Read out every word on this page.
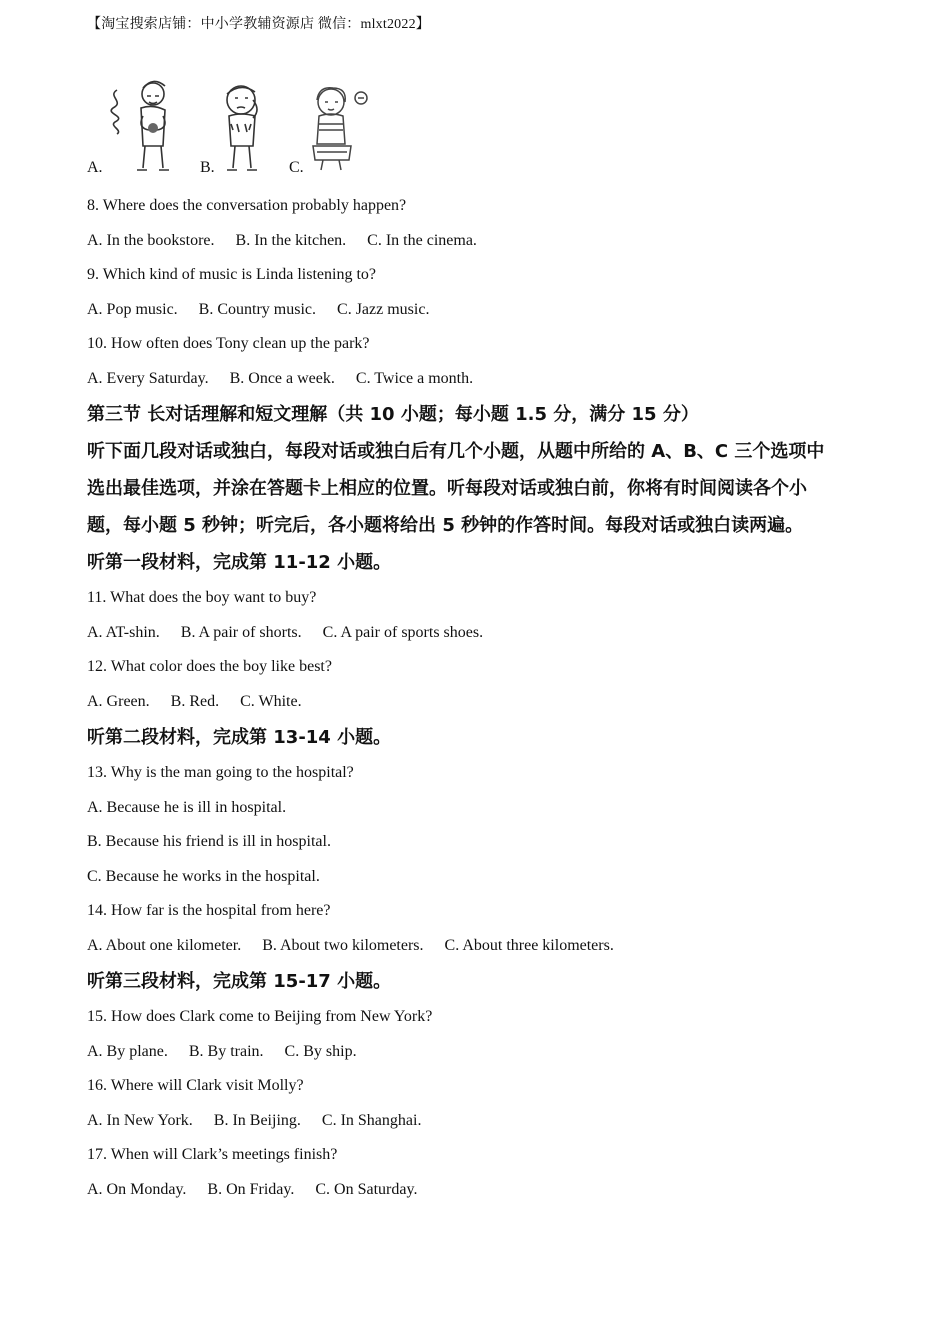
【淘宝搜索店铺：中小学教辅资源店 微信：mlxt2022】
A.	B.	C.
8. Where does the conversation probably happen?
A. In the bookstore. B. In the kitchen. C. In the cinema.
9. Which kind of music is Linda listening to?
A. Pop music. B. Country music. C. Jazz music.
10. How often does Tony clean up the park?
A. Every Saturday. B. Once a week. C. Twice a month.
第三节 长对话理解和短文理解（共 10 小题；每小题 1.5 分，满分 15 分）

听下面几段对话或独白，每段对话或独白后有几个小题，从题中所给的 A、B、C 三个选项中

选出最佳选项，并涂在答题卡上相应的位置。听每段对话或独白前，你将有时间阅读各个小

题，每小题 5 秒钟；听完后，各小题将给出 5 秒钟的作答时间。每段对话或独白读两遍。

听第一段材料，完成第 11-12 小题。
11. What does the boy want to buy?
A. AT-shin. B. A pair of shorts. C. A pair of sports shoes.
12. What color does the boy like best?
A. Green. B. Red. C. White.
听第二段材料，完成第 13-14 小题。
13. Why is the man going to the hospital?
A. Because he is ill in hospital.
B. Because his friend is ill in hospital.
C. Because he works in the hospital.
14. How far is the hospital from here?
A. About one kilometer. B. About two kilometers. C. About three kilometers.
听第三段材料，完成第 15-17 小题。
15. How does Clark come to Beijing from New York?
A. By plane. B. By train. C. By ship.
16. Where will Clark visit Molly?
A. In New York. B. In Beijing. C. In Shanghai.
17. When will Clark’s meetings finish?
A. On Monday. B. On Friday. C. On Saturday.
